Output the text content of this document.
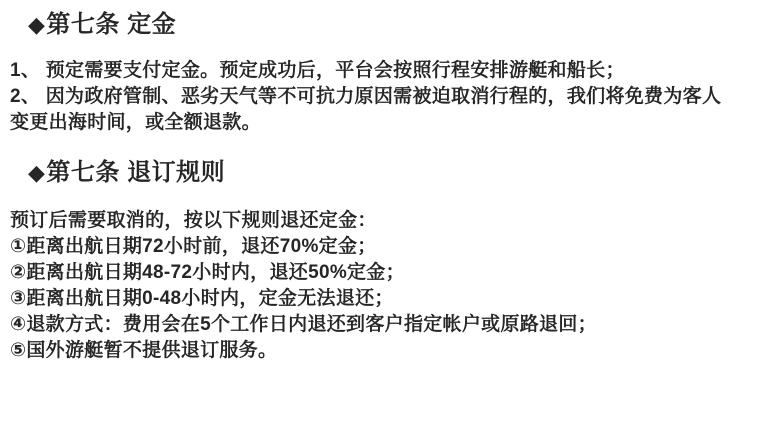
◆第七条 定金

1、 预定需要支付定金。预定成功后，平台会按照行程安排游艇和船长；

2、 因为政府管制、恶劣天气等不可抗力原因需被迫取消行程的，我们将免费为客人

变更出海时间，或全额退款。

◆第七条 退订规则

预订后需要取消的，按以下规则退还定金：

①距离出航日期72小时前，退还70%定金；

②距离出航日期48-72小时内，退还50%定金；

③距离出航日期0-48小时内，定金无法退还；

④退款方式：费用会在5个工作日内退还到客户指定帐户或原路退回；

⑤国外游艇暂不提供退订服务。
